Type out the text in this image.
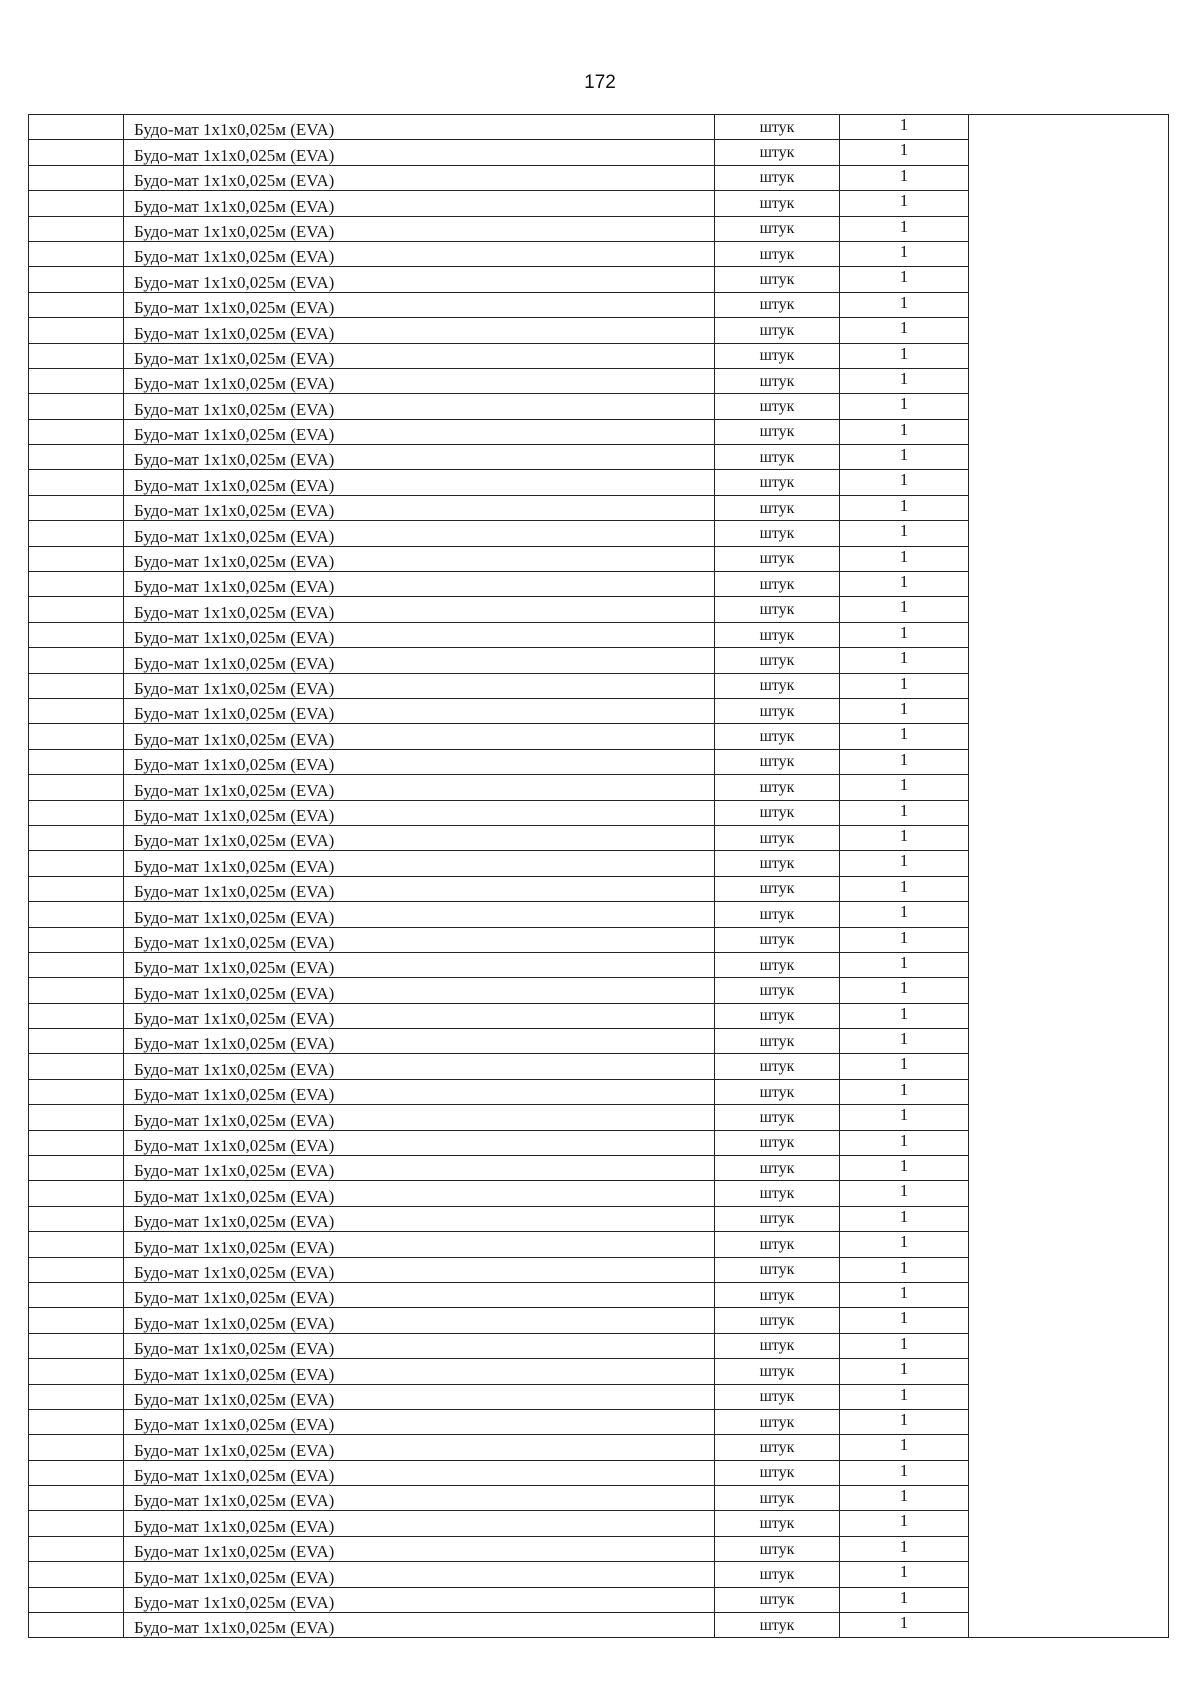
172
	Будо-мат 1х1х0,025м (EVA)	штук	1	
	Будо-мат 1х1х0,025м (EVA)	штук	1	
	Будо-мат 1х1х0,025м (EVA)	штук	1	
	Будо-мат 1х1х0,025м (EVA)	штук	1	
	Будо-мат 1х1х0,025м (EVA)	штук	1	
	Будо-мат 1х1х0,025м (EVA)	штук	1	
	Будо-мат 1х1х0,025м (EVA)	штук	1	
	Будо-мат 1х1х0,025м (EVA)	штук	1	
	Будо-мат 1х1х0,025м (EVA)	штук	1	
	Будо-мат 1х1х0,025м (EVA)	штук	1	
	Будо-мат 1х1х0,025м (EVA)	штук	1	
	Будо-мат 1х1х0,025м (EVA)	штук	1	
	Будо-мат 1х1х0,025м (EVA)	штук	1	
	Будо-мат 1х1х0,025м (EVA)	штук	1	
	Будо-мат 1х1х0,025м (EVA)	штук	1	
	Будо-мат 1х1х0,025м (EVA)	штук	1	
	Будо-мат 1х1х0,025м (EVA)	штук	1	
	Будо-мат 1х1х0,025м (EVA)	штук	1	
	Будо-мат 1х1х0,025м (EVA)	штук	1	
	Будо-мат 1х1х0,025м (EVA)	штук	1	
	Будо-мат 1х1х0,025м (EVA)	штук	1	
	Будо-мат 1х1х0,025м (EVA)	штук	1	
	Будо-мат 1х1х0,025м (EVA)	штук	1	
	Будо-мат 1х1х0,025м (EVA)	штук	1	
	Будо-мат 1х1х0,025м (EVA)	штук	1	
	Будо-мат 1х1х0,025м (EVA)	штук	1	
	Будо-мат 1х1х0,025м (EVA)	штук	1	
	Будо-мат 1х1х0,025м (EVA)	штук	1	
	Будо-мат 1х1х0,025м (EVA)	штук	1	
	Будо-мат 1х1х0,025м (EVA)	штук	1	
	Будо-мат 1х1х0,025м (EVA)	штук	1	
	Будо-мат 1х1х0,025м (EVA)	штук	1	
	Будо-мат 1х1х0,025м (EVA)	штук	1	
	Будо-мат 1х1х0,025м (EVA)	штук	1	
	Будо-мат 1х1х0,025м (EVA)	штук	1	
	Будо-мат 1х1х0,025м (EVA)	штук	1	
	Будо-мат 1х1х0,025м (EVA)	штук	1	
	Будо-мат 1х1х0,025м (EVA)	штук	1	
	Будо-мат 1х1х0,025м (EVA)	штук	1	
	Будо-мат 1х1х0,025м (EVA)	штук	1	
	Будо-мат 1х1х0,025м (EVA)	штук	1	
	Будо-мат 1х1х0,025м (EVA)	штук	1	
	Будо-мат 1х1х0,025м (EVA)	штук	1	
	Будо-мат 1х1х0,025м (EVA)	штук	1	
	Будо-мат 1х1х0,025м (EVA)	штук	1	
	Будо-мат 1х1х0,025м (EVA)	штук	1	
	Будо-мат 1х1х0,025м (EVA)	штук	1	
	Будо-мат 1х1х0,025м (EVA)	штук	1	
	Будо-мат 1х1х0,025м (EVA)	штук	1	
	Будо-мат 1х1х0,025м (EVA)	штук	1	
	Будо-мат 1х1х0,025м (EVA)	штук	1	
	Будо-мат 1х1х0,025м (EVA)	штук	1	
	Будо-мат 1х1х0,025м (EVA)	штук	1	
	Будо-мат 1х1х0,025м (EVA)	штук	1	
	Будо-мат 1х1х0,025м (EVA)	штук	1	
	Будо-мат 1х1х0,025м (EVA)	штук	1	
	Будо-мат 1х1х0,025м (EVA)	штук	1	
	Будо-мат 1х1х0,025м (EVA)	штук	1	
	Будо-мат 1х1х0,025м (EVA)	штук	1	
	Будо-мат 1х1х0,025м (EVA)	штук	1	
